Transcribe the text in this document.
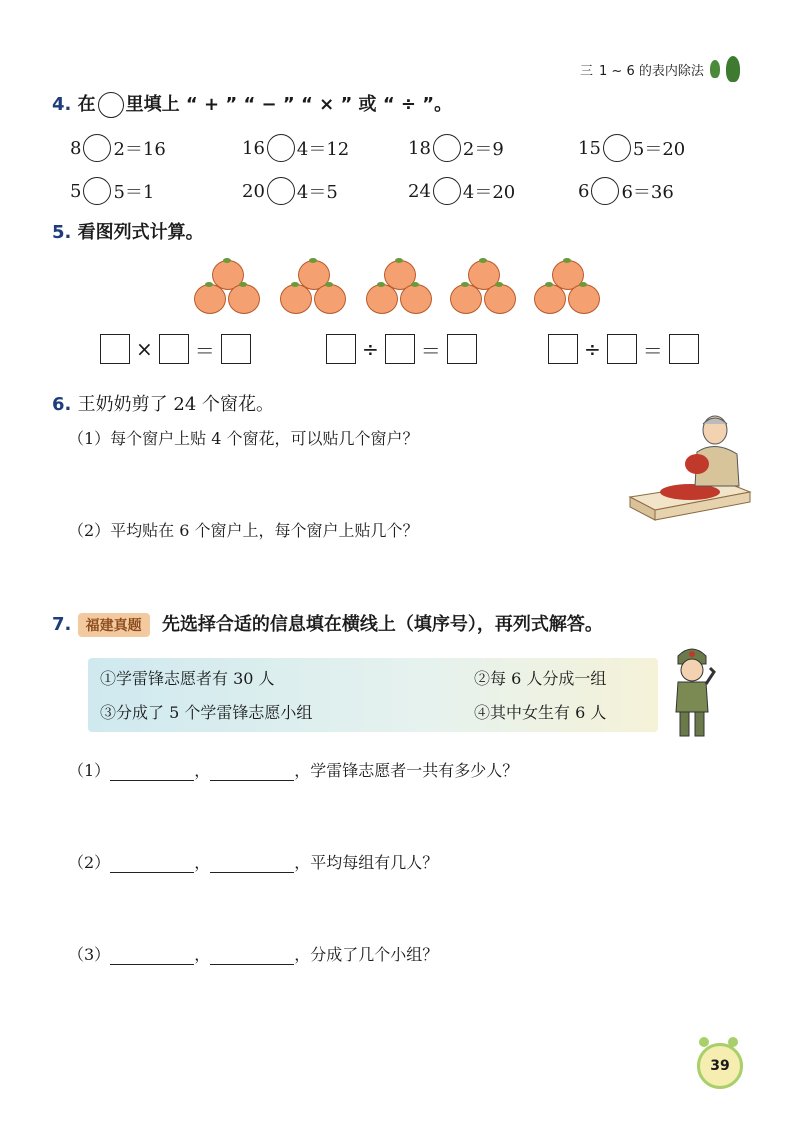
三 1 ~ 6 的表内除法
4. 在 里填上 “ + ” “ − ” “ × ” 或 “ ÷ ”。
8 2＝16	16 4＝12	18 2＝9	15 5＝20
5 5＝1	20 4＝5	24 4＝20	6 6＝36
5. 看图列式计算。
× ＝	÷ ＝	÷ ＝
6. 王奶奶剪了 24 个窗花。
（1）每个窗户上贴 4 个窗花，可以贴几个窗户？
（2）平均贴在 6 个窗户上，每个窗户上贴几个？
7. 福建真题 先选择合适的信息填在横线上（填序号），再列式解答。
①学雷锋志愿者有 30 人	②每 6 人分成一组
③分成了 5 个学雷锋志愿小组	④其中女生有 6 人
（1）	，	，学雷锋志愿者一共有多少人？
（2）	，	，平均每组有几人？
（3）	，	，分成了几个小组？
39
